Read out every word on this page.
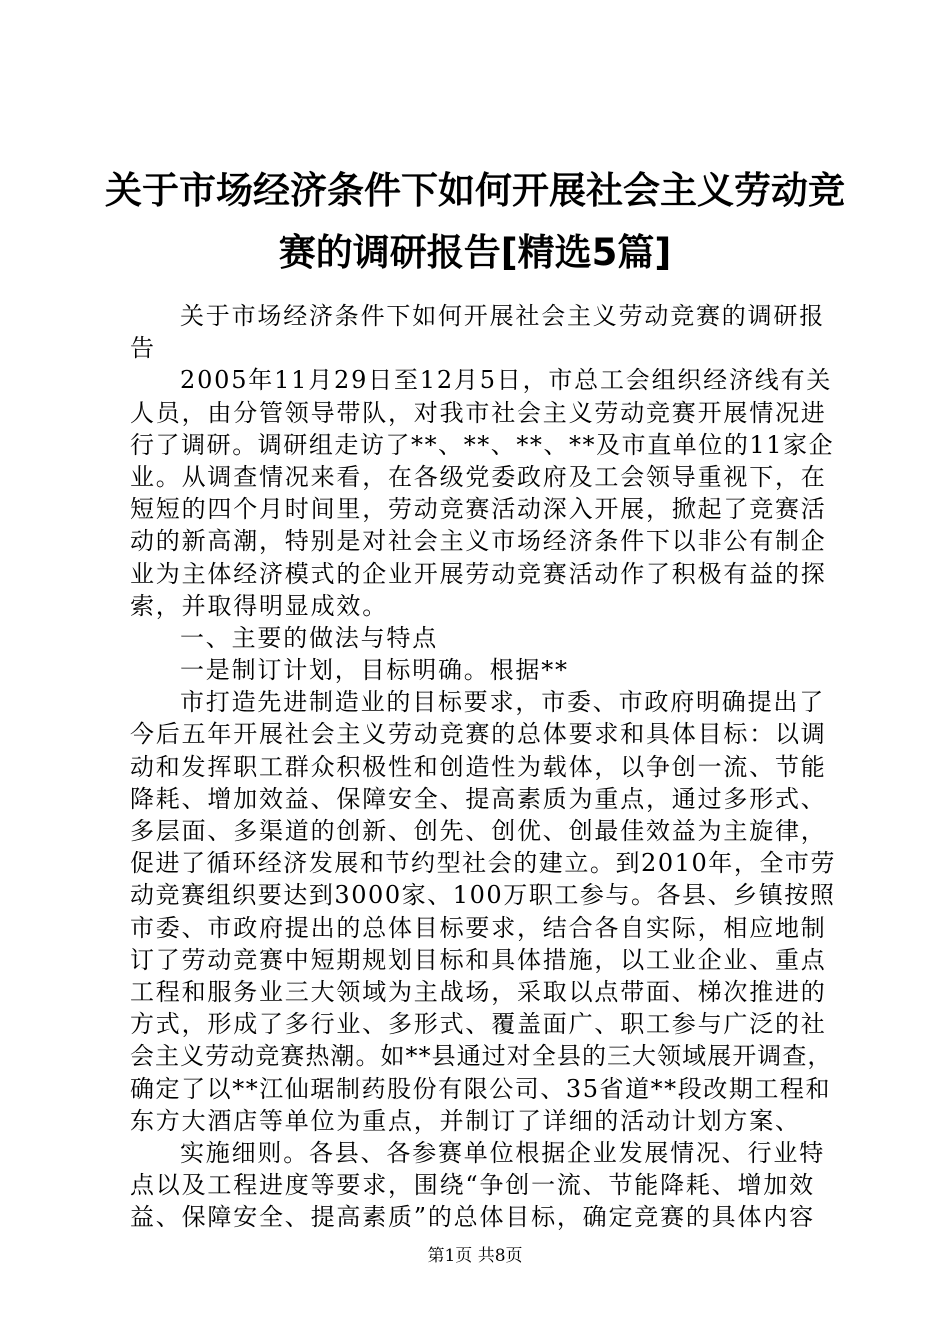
关于市场经济条件下如何开展社会主义劳动竞
赛的调研报告[精选5篇]
关于市场经济条件下如何开展社会主义劳动竞赛的调研报
告
2005年11月29日至12月5日，市总工会组织经济线有关
人员，由分管领导带队，对我市社会主义劳动竞赛开展情况进
行了调研。调研组走访了**、**、**、**及市直单位的11家企
业。从调查情况来看，在各级党委政府及工会领导重视下，在
短短的四个月时间里，劳动竞赛活动深入开展，掀起了竞赛活
动的新高潮，特别是对社会主义市场经济条件下以非公有制企
业为主体经济模式的企业开展劳动竞赛活动作了积极有益的探
索，并取得明显成效。
一、主要的做法与特点
一是制订计划，目标明确。根据**
市打造先进制造业的目标要求，市委、市政府明确提出了
今后五年开展社会主义劳动竞赛的总体要求和具体目标：以调
动和发挥职工群众积极性和创造性为载体，以争创一流、节能
降耗、增加效益、保障安全、提高素质为重点，通过多形式、
多层面、多渠道的创新、创先、创优、创最佳效益为主旋律，
促进了循环经济发展和节约型社会的建立。到2010年，全市劳
动竞赛组织要达到3000家、100万职工参与。各县、乡镇按照
市委、市政府提出的总体目标要求，结合各自实际，相应地制
订了劳动竞赛中短期规划目标和具体措施，以工业企业、重点
工程和服务业三大领域为主战场，采取以点带面、梯次推进的
方式，形成了多行业、多形式、覆盖面广、职工参与广泛的社
会主义劳动竞赛热潮。如**县通过对全县的三大领域展开调查，
确定了以**江仙琚制药股份有限公司、35省道**段改期工程和
东方大酒店等单位为重点，并制订了详细的活动计划方案、
实施细则。各县、各参赛单位根据企业发展情况、行业特
点以及工程进度等要求，围绕“争创一流、节能降耗、增加效
益、保障安全、提高素质”的总体目标，确定竞赛的具体内容
第1页 共8页
